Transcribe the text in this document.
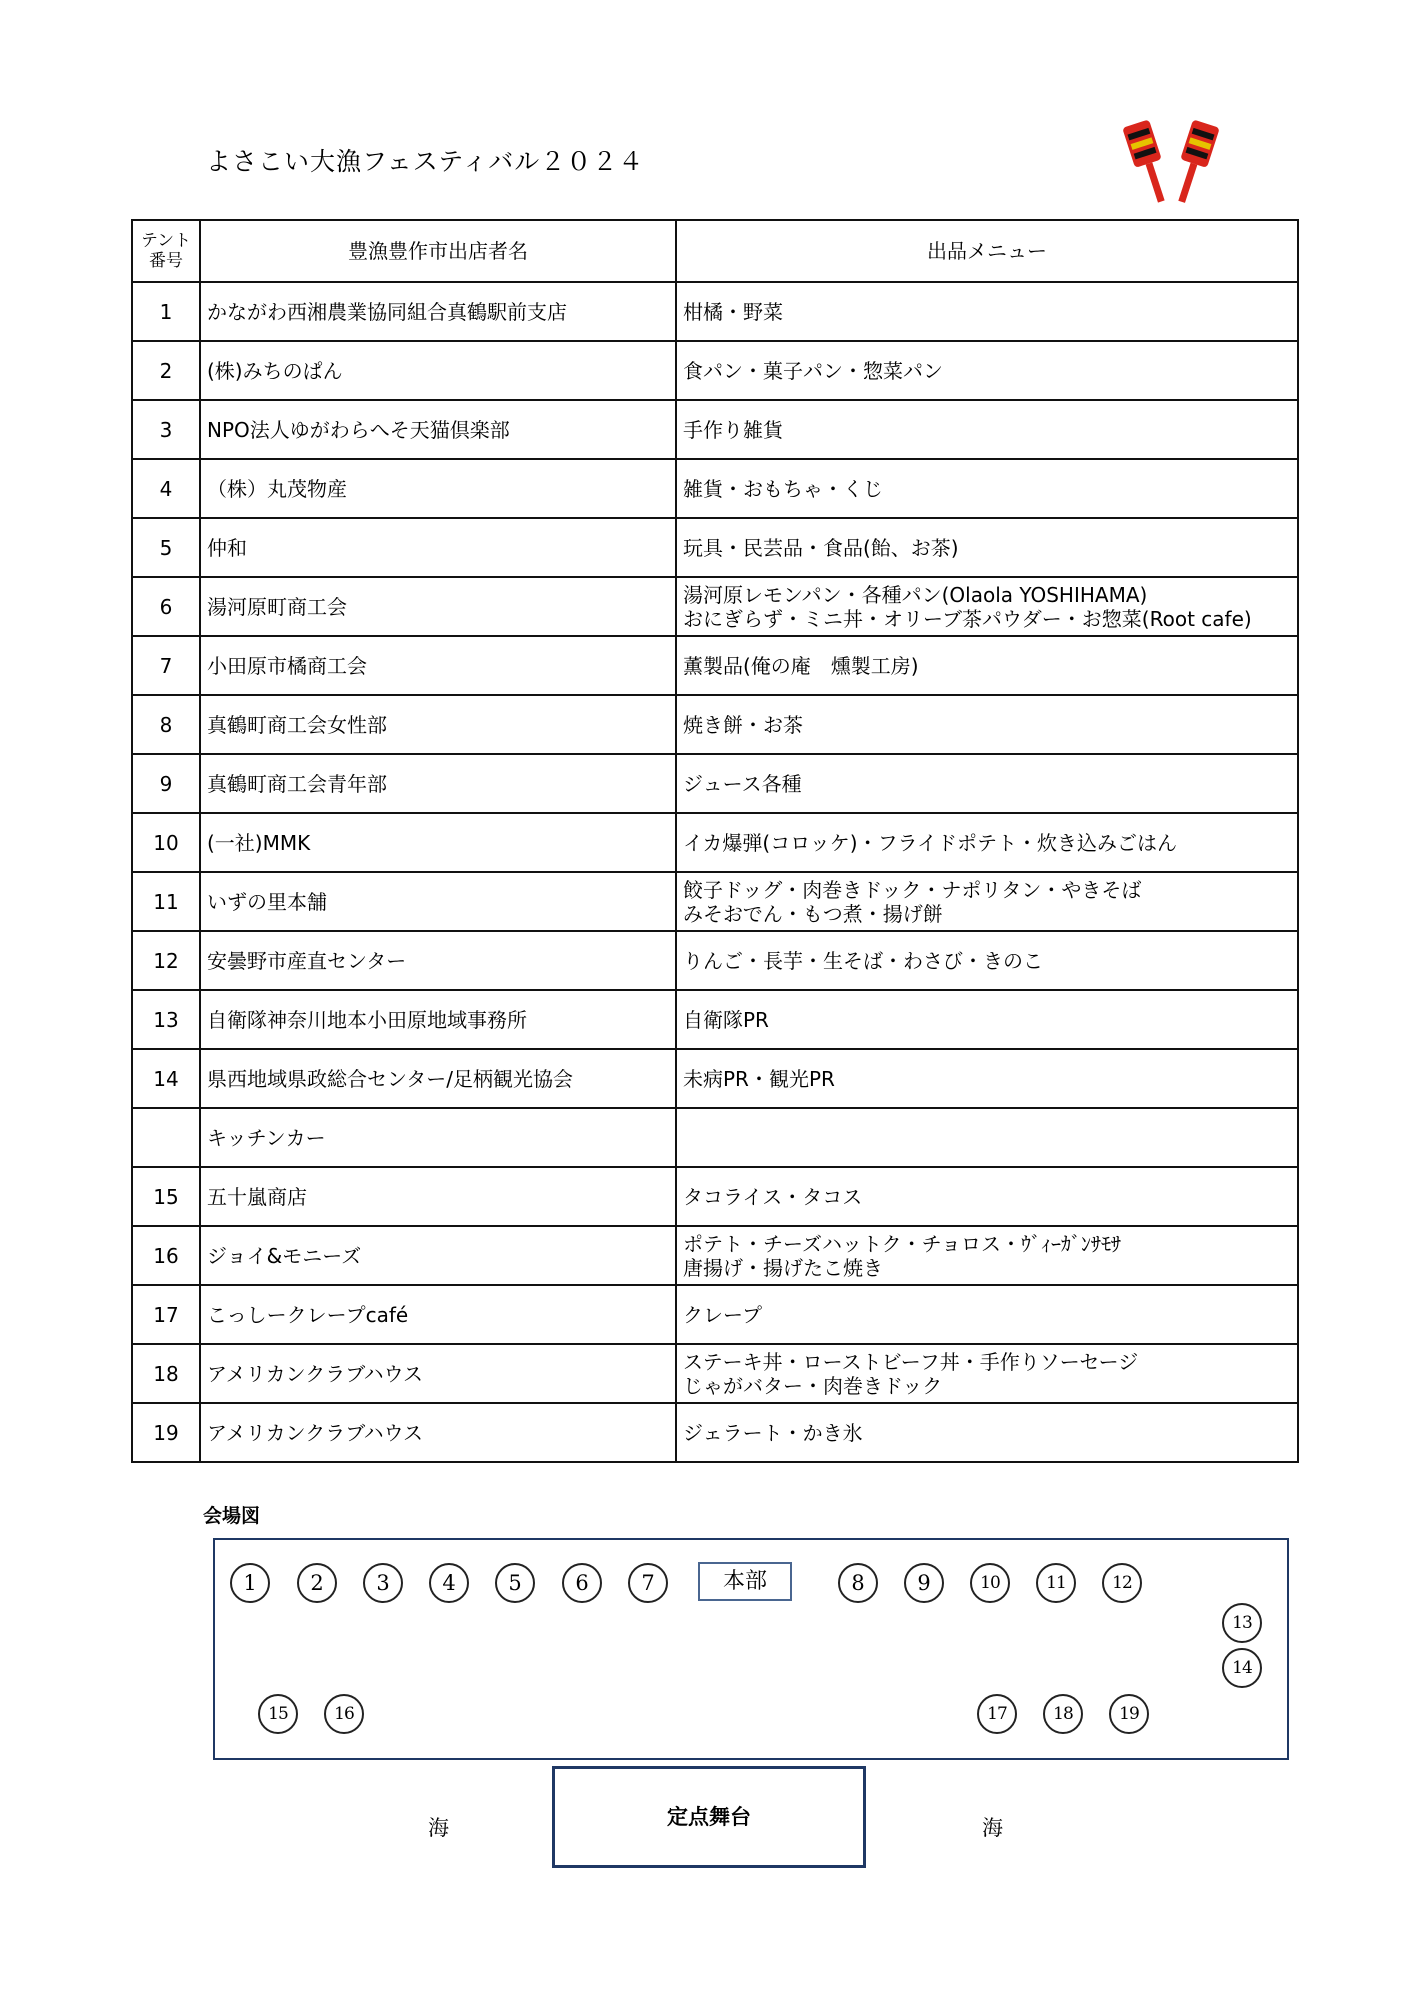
よさこい大漁フェスティバル２０２４
テント
番号	豊漁豊作市出店者名	出品メニュー
1	かながわ西湘農業協同組合真鶴駅前支店	柑橘・野菜

2	(株)みちのぱん	食パン・菓子パン・惣菜パン

3	NPO法人ゆがわらへそ天猫倶楽部	手作り雑貨

4	（株）丸茂物産	雑貨・おもちゃ・くじ

5	仲和	玩具・民芸品・食品(飴、お茶)

6	湯河原町商工会	湯河原レモンパン・各種パン(Olaola YOSHIHAMA)
おにぎらず・ミニ丼・オリーブ茶パウダー・お惣菜(Root cafe)

7	小田原市橘商工会	薫製品(俺の庵　燻製工房)

8	真鶴町商工会女性部	焼き餅・お茶

9	真鶴町商工会青年部	ジュース各種

10	(一社)MMK	イカ爆弾(コロッケ)・フライドポテト・炊き込みごはん

11	いずの里本舗	餃子ドッグ・肉巻きドック・ナポリタン・やきそば
みそおでん・もつ煮・揚げ餅

12	安曇野市産直センター	りんご・長芋・生そば・わさび・きのこ

13	自衛隊神奈川地本小田原地域事務所	自衛隊PR

14	県西地域県政総合センター/足柄観光協会	未病PR・観光PR

	キッチンカー	

15	五十嵐商店	タコライス・タコス

16	ジョイ&モニーズ	ポテト・チーズハットク・チョロス・ｳﾞｨｰｶﾞﾝｻﾓｻ
唐揚げ・揚げたこ焼き

17	こっしークレープcafé	クレープ

18	アメリカンクラブハウス	ステーキ丼・ローストビーフ丼・手作りソーセージ
じゃがバター・肉巻きドック

19	アメリカンクラブハウス	ジェラート・かき氷
会場図
1	2	3	4	5	6	7	8	9	10	11	12
13
14
15	16	17	18	19
本部
海	定点舞台	海
